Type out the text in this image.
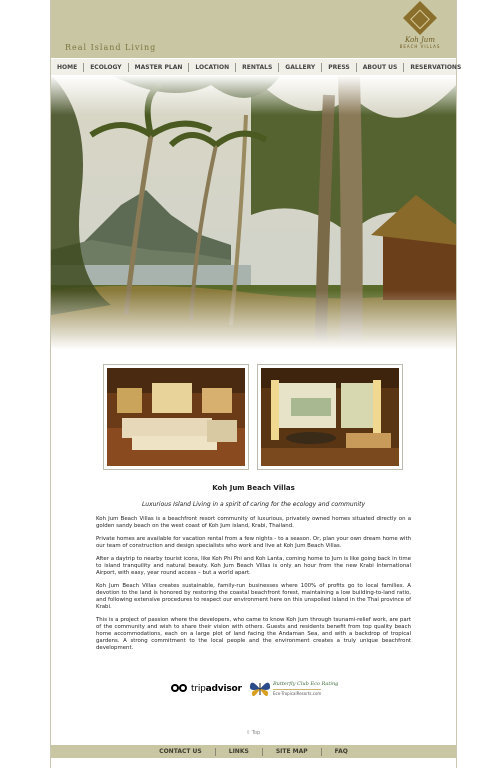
Real Island Living
Koh Jum
BEACH VILLAS
HOME	ECOLOGY	MASTER PLAN	LOCATION	RENTALS	GALLERY	PRESS	ABOUT US	RESERVATIONS
Koh Jum Beach Villas
Luxurious Island Living in a spirit of caring for the ecology and community

Koh Jum Beach Villas is a beachfront resort community of luxurious, privately owned homes situated directly on a golden sandy beach on the west coast of Koh Jum island, Krabi, Thailand.

Private homes are available for vacation rental from a few nights - to a season. Or, plan your own dream home with our team of construction and design specialists who work and live at Koh Jum Beach Villas.

After a daytrip to nearby tourist icons, like Koh Phi Phi and Koh Lanta, coming home to Jum is like going back in time to island tranquility and natural beauty. Koh Jum Beach Villas is only an hour from the new Krabi International Airport, with easy, year round access – but a world apart.

Koh Jum Beach Villas creates sustainable, family-run businesses where 100% of profits go to local families. A devotion to the land is honored by restoring the coastal beachfront forest, maintaining a low building-to-land ratio, and following extensive procedures to respect our environment here on this unspoiled island in the Thai province of Krabi.

This is a project of passion where the developers, who came to know Koh Jum through tsunami-relief work, are part of the community and wish to share their vision with others. Guests and residents benefit from top quality beach home accommodations, each on a large plot of land facing the Andaman Sea, and with a backdrop of tropical gardens. A strong commitment to the local people and the environment creates a truly unique beachfront development.

tripadvisor	Butterfly Club Eco Rating
Eco-TropicalResorts.com
⇧ Top
CONTACT US	LINKS	SITE MAP	FAQ
